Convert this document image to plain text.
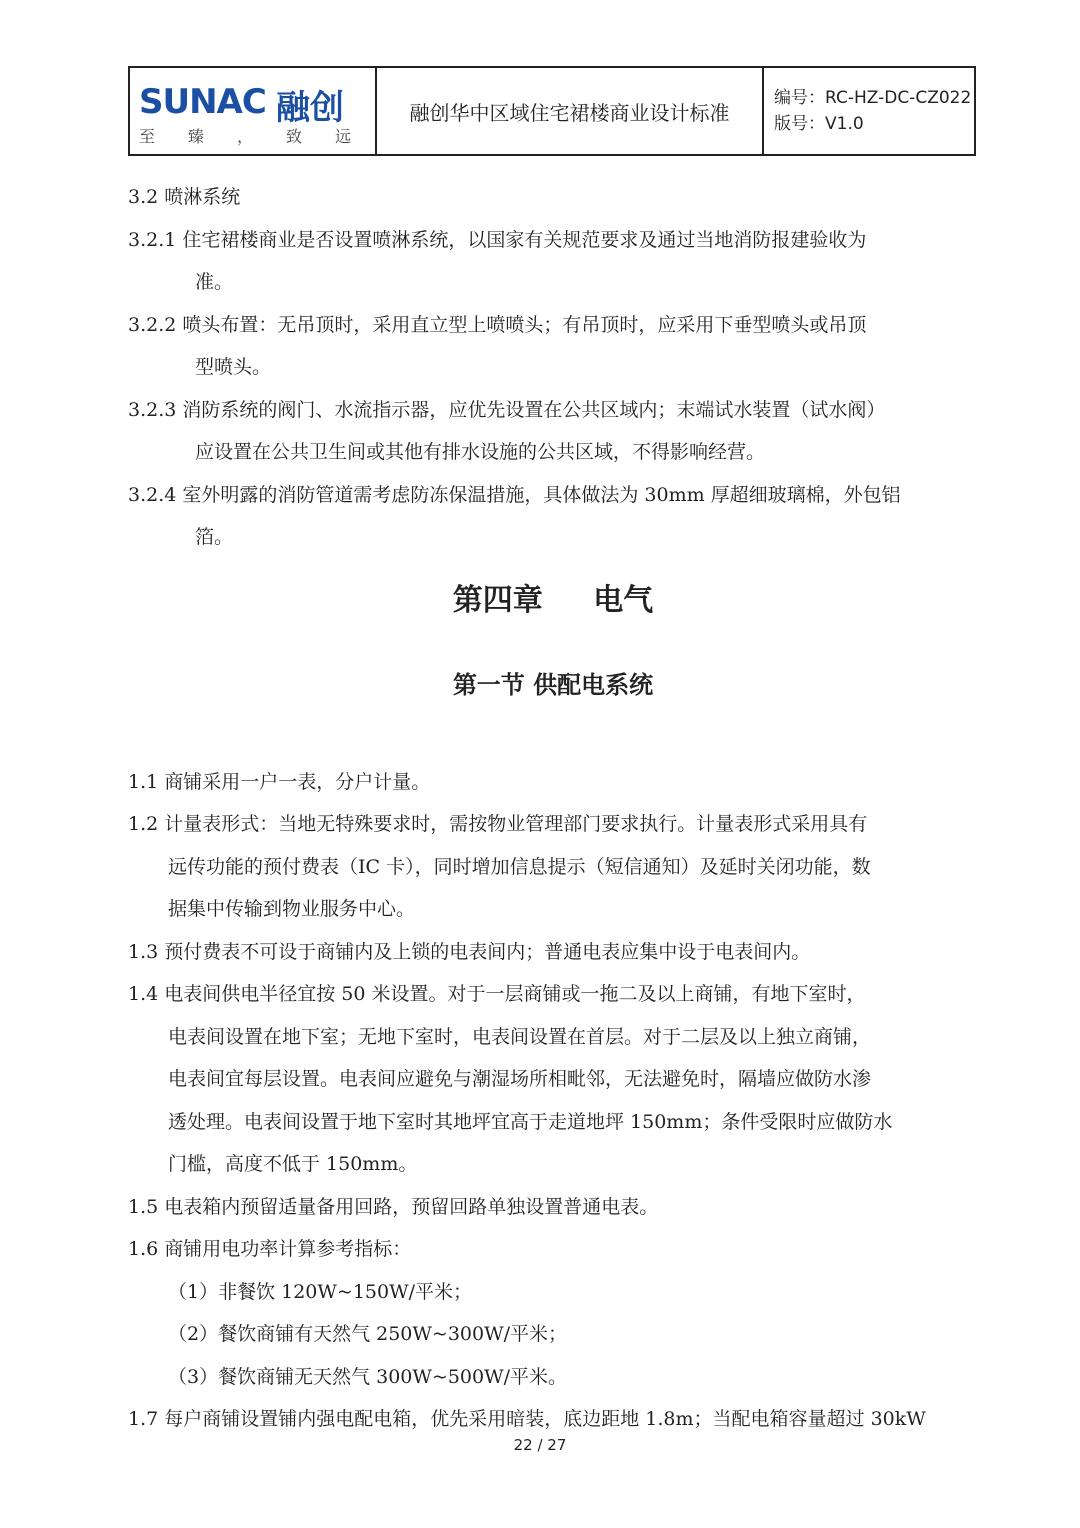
SUNAC 融创
至 臻 ， 致 远
融创华中区域住宅裙楼商业设计标准
编号：RC-HZ-DC-CZ022
版号：V1.0
3.2 喷淋系统
3.2.1 住宅裙楼商业是否设置喷淋系统，以国家有关规范要求及通过当地消防报建验收为
准。
3.2.2 喷头布置：无吊顶时，采用直立型上喷喷头；有吊顶时，应采用下垂型喷头或吊顶
型喷头。
3.2.3 消防系统的阀门、水流指示器，应优先设置在公共区域内；末端试水装置（试水阀）
应设置在公共卫生间或其他有排水设施的公共区域，不得影响经营。
3.2.4 室外明露的消防管道需考虑防冻保温措施，具体做法为 30mm 厚超细玻璃棉，外包铝
箔。
第四章 电气
第一节 供配电系统
1.1 商铺采用一户一表，分户计量。
1.2 计量表形式：当地无特殊要求时，需按物业管理部门要求执行。计量表形式采用具有
远传功能的预付费表（IC 卡），同时增加信息提示（短信通知）及延时关闭功能，数
据集中传输到物业服务中心。
1.3 预付费表不可设于商铺内及上锁的电表间内；普通电表应集中设于电表间内。
1.4 电表间供电半径宜按 50 米设置。对于一层商铺或一拖二及以上商铺，有地下室时，
电表间设置在地下室；无地下室时，电表间设置在首层。对于二层及以上独立商铺，
电表间宜每层设置。电表间应避免与潮湿场所相毗邻，无法避免时，隔墙应做防水渗
透处理。电表间设置于地下室时其地坪宜高于走道地坪 150mm；条件受限时应做防水
门槛，高度不低于 150mm。
1.5 电表箱内预留适量备用回路，预留回路单独设置普通电表。
1.6 商铺用电功率计算参考指标：
（1）非餐饮 120W~150W/平米；
（2）餐饮商铺有天然气 250W~300W/平米；
（3）餐饮商铺无天然气 300W~500W/平米。
1.7 每户商铺设置铺内强电配电箱，优先采用暗装，底边距地 1.8m；当配电箱容量超过 30kW
22 / 27
